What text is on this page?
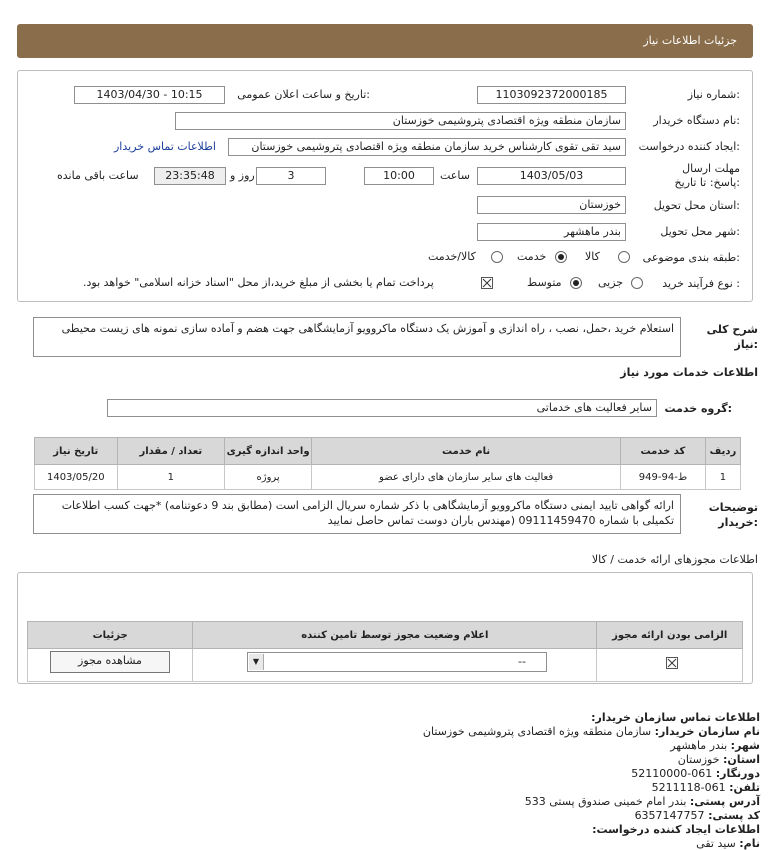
جزئیات اطلاعات نیاز
شماره نیاز:
1103092372000185
تاریخ و ساعت اعلان عمومی:
1403/04/30 - 10:15
نام دستگاه خریدار:
سازمان منطقه ویژه اقتصادی پتروشیمی خوزستان
ایجاد کننده درخواست:
سید تقی تقوی کارشناس خرید سازمان منطقه ویژه اقتصادی پتروشیمی خوزستان
اطلاعات تماس خریدار
مهلت ارسال پاسخ: تا تاریخ:
1403/05/03
ساعت
10:00
3
روز و
23:35:48
ساعت باقی مانده
استان محل تحویل:
خوزستان
شهر محل تحویل:
بندر ماهشهر
طبقه بندی موضوعی:
کالا
خدمت
کالا/خدمت
نوع فرآیند خرید :
جزیی
متوسط
پرداخت تمام یا بخشی از مبلغ خرید،از محل "اسناد خزانه اسلامی" خواهد بود.
شرح کلی نیاز:
استعلام خرید ،حمل، نصب ، راه اندازی و آموزش یک دستگاه ماکروویو آزمایشگاهی جهت هضم و آماده سازی نمونه های زیست محیطی
اطلاعات خدمات مورد نیاز
گروه خدمت:
سایر فعالیت های خدماتی
تاریخ نیاز	تعداد / مقدار	واحد اندازه گیری	نام خدمت	کد خدمت	ردیف
1403/05/20	1	پروژه	فعالیت های سایر سازمان های دارای عضو	ط-94-949	1
توضیحات خریدار:
ارائه گواهی تایید ایمنی دستگاه ماکروویو آزمایشگاهی با ذکر شماره سریال الزامی است (مطابق بند 9 دعوتنامه) *جهت کسب اطلاعات تکمیلی با شماره 09111459470 (مهندس باران دوست تماس حاصل نمایید
اطلاعات مجوزهای ارائه خدمت / کالا
جزئیات	اعلام وضعیت مجوز توسط تامین کننده	الزامی بودن ارائه مجوز

مشاهده مجوز	▼	--
اطلاعات تماس سازمان خریدار:
نام سازمان خریدار: سازمان منطقه ویژه اقتصادی پتروشیمی خوزستان
شهر: بندر ماهشهر
استان: خوزستان
دورنگار: 061-52110000
تلفن: 061-5211118
آدرس پستی: بندر امام خمینی صندوق پستی 533
کد پستی: 6357147757
اطلاعات ایجاد کننده درخواست:
نام: سید تقی
